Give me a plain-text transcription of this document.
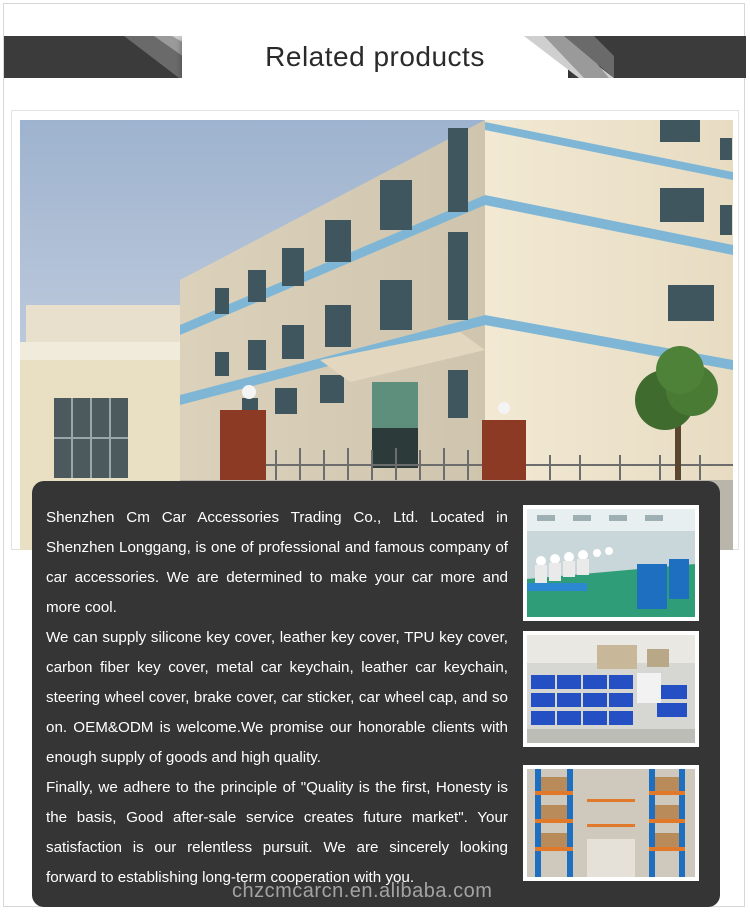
Related products

Shenzhen Cm Car Accessories Trading Co., Ltd. Located in Shenzhen Longgang, is one of professional and famous company of car accessories. We are determined to make your car more and more cool.

We can supply silicone key cover, leather key cover, TPU key cover, carbon fiber key cover, metal car keychain, leather car keychain, steering wheel cover, brake cover, car sticker, car wheel cap, and so on. OEM&ODM is welcome.We promise our honorable clients with enough supply of goods and high quality.

Finally, we adhere to the principle of "Quality is the first, Honesty is the basis, Good after-sale service creates future market". Your satisfaction is our relentless pursuit. We are sincerely looking forward to establishing long-term cooperation with you.

chzcmcarcn.en.alibaba.com
